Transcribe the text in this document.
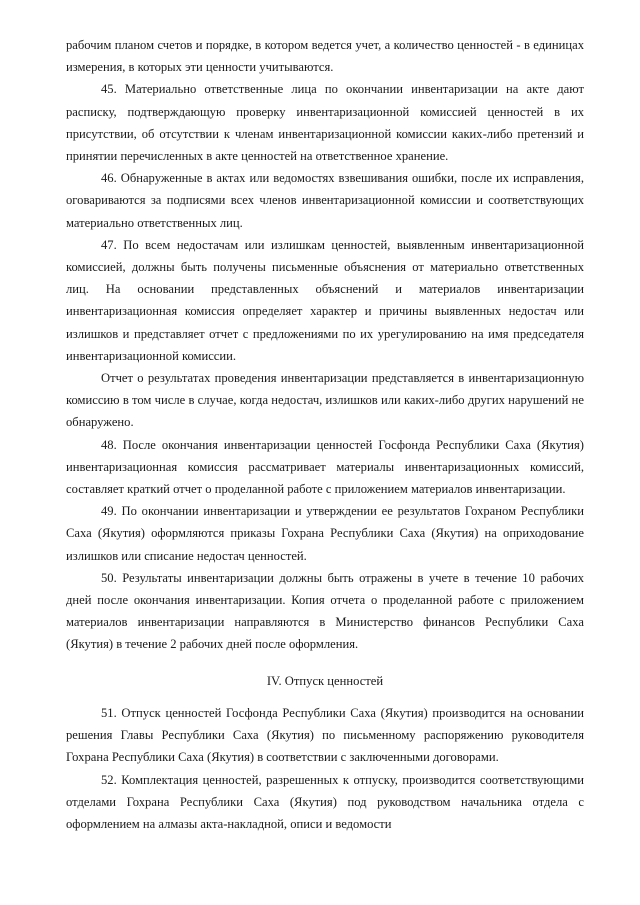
рабочим планом счетов и порядке, в котором ведется учет, а количество ценностей - в единицах измерения, в которых эти ценности учитываются.

45. Материально ответственные лица по окончании инвентаризации на акте дают расписку, подтверждающую проверку инвентаризационной комиссией ценностей в их присутствии, об отсутствии к членам инвентаризационной комиссии каких-либо претензий и принятии перечисленных в акте ценностей на ответственное хранение.

46. Обнаруженные в актах или ведомостях взвешивания ошибки, после их исправления, оговариваются за подписями всех членов инвентаризационной комиссии и соответствующих материально ответственных лиц.

47. По всем недостачам или излишкам ценностей, выявленным инвентаризационной комиссией, должны быть получены письменные объяснения от материально ответственных лиц. На основании представленных объяснений и материалов инвентаризации инвентаризационная комиссия определяет характер и причины выявленных недостач или излишков и представляет отчет с предложениями по их урегулированию на имя председателя инвентаризационной комиссии.

Отчет о результатах проведения инвентаризации представляется в инвентаризационную комиссию в том числе в случае, когда недостач, излишков или каких-либо других нарушений не обнаружено.

48. После окончания инвентаризации ценностей Госфонда Республики Саха (Якутия) инвентаризационная комиссия рассматривает материалы инвентаризационных комиссий, составляет краткий отчет о проделанной работе с приложением материалов инвентаризации.

49. По окончании инвентаризации и утверждении ее результатов Гохраном Республики Саха (Якутия) оформляются приказы Гохрана Республики Саха (Якутия) на оприходование излишков или списание недостач ценностей.

50. Результаты инвентаризации должны быть отражены в учете в течение 10 рабочих дней после окончания инвентаризации. Копия отчета о проделанной работе с приложением материалов инвентаризации направляются в Министерство финансов Республики Саха (Якутия) в течение 2 рабочих дней после оформления.

IV. Отпуск ценностей

51. Отпуск ценностей Госфонда Республики Саха (Якутия) производится на основании решения Главы Республики Саха (Якутия) по письменному распоряжению руководителя Гохрана Республики Саха (Якутия) в соответствии с заключенными договорами.

52. Комплектация ценностей, разрешенных к отпуску, производится соответствующими отделами Гохрана Республики Саха (Якутия) под руководством начальника отдела с оформлением на алмазы акта-накладной, описи и ведомости
